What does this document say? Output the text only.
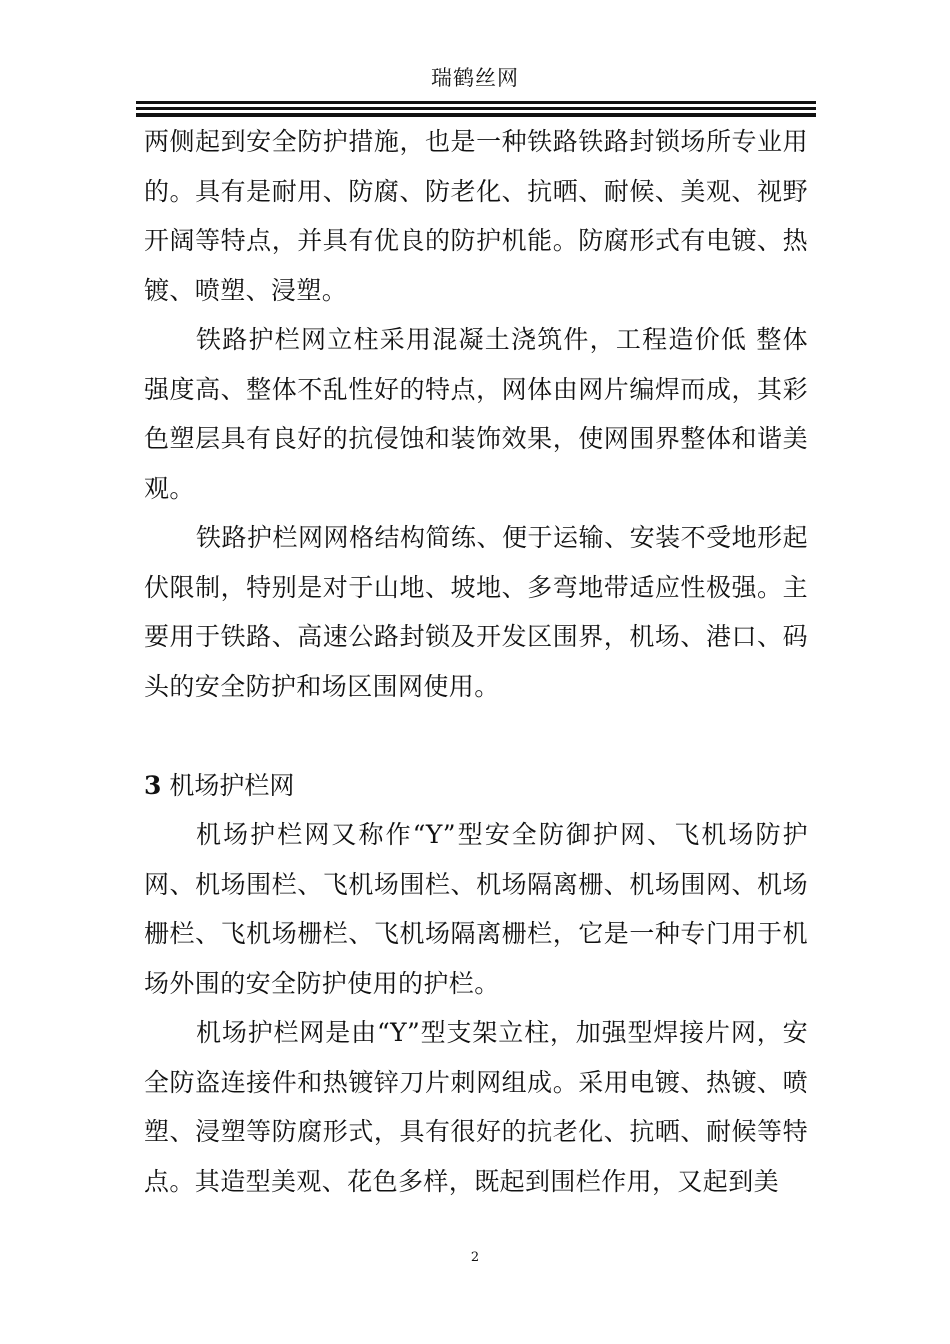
瑞鹤丝网

两侧起到安全防护措施，也是一种铁路铁路封锁场所专业用的。具有是耐用、防腐、防老化、抗晒、耐候、美观、视野开阔等特点，并具有优良的防护机能。防腐形式有电镀、热镀、喷塑、浸塑。

铁路护栏网立柱采用混凝土浇筑件，工程造价低 整体强度高、整体不乱性好的特点，网体由网片编焊而成，其彩色塑层具有良好的抗侵蚀和装饰效果，使网围界整体和谐美观。

铁路护栏网网格结构简练、便于运输、安装不受地形起伏限制，特别是对于山地、坡地、多弯地带适应性极强。主要用于铁路、高速公路封锁及开发区围界，机场、港口、码头的安全防护和场区围网使用。

3 机场护栏网

机场护栏网又称作“Y”型安全防御护网、飞机场防护网、机场围栏、飞机场围栏、机场隔离栅、机场围网、机场栅栏、飞机场栅栏、飞机场隔离栅栏，它是一种专门用于机场外围的安全防护使用的护栏。

机场护栏网是由“Y”型支架立柱，加强型焊接片网，安全防盗连接件和热镀锌刀片刺网组成。采用电镀、热镀、喷塑、浸塑等防腐形式，具有很好的抗老化、抗晒、耐候等特点。其造型美观、花色多样，既起到围栏作用，又起到美

2
